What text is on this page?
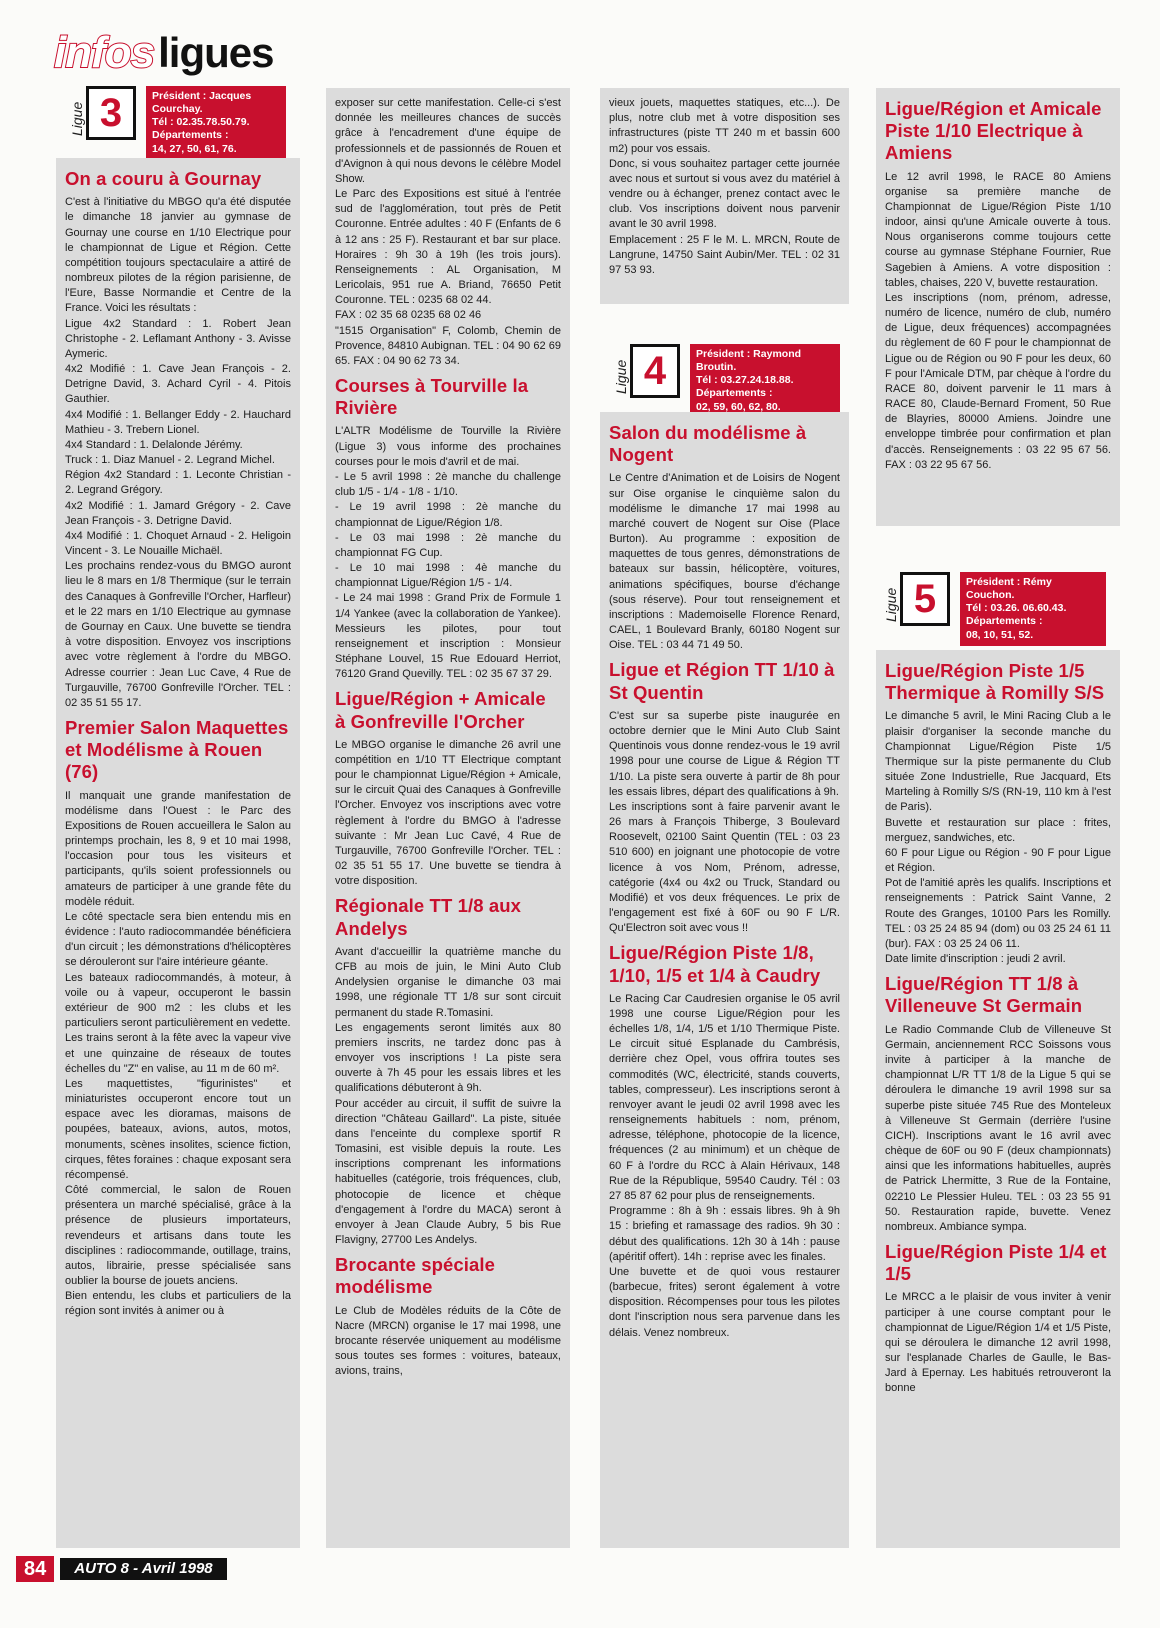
infos ligues
Ligue 3	Président : Jacques Courchay.
Tél : 02.35.78.50.79.
Départements :
14, 27, 50, 61, 76.
Ligue 4	Président : Raymond Broutin.
Tél : 03.27.24.18.88.
Départements :
02, 59, 60, 62, 80.
Ligue 5	Président : Rémy Couchon.
Tél : 03.26. 06.60.43.
Départements :
08, 10, 51, 52.
On a couru à Gournay

C'est à l'initiative du MBGO qu'a été disputée le dimanche 18 janvier au gymnase de Gournay une course en 1/10 Electrique pour le championnat de Ligue et Région. Cette compétition toujours spectaculaire a attiré de nombreux pilotes de la région parisienne, de l'Eure, Basse Normandie et Centre de la France. Voici les résultats :
Ligue 4x2 Standard : 1. Robert Jean Christophe - 2. Leflamant Anthony - 3. Avisse Aymeric.
4x2 Modifié : 1. Cave Jean François - 2. Detrigne David, 3. Achard Cyril - 4. Pitois Gauthier.
4x4 Modifié : 1. Bellanger Eddy - 2. Hauchard Mathieu - 3. Trebern Lionel.
4x4 Standard : 1. Delalonde Jérémy.
Truck : 1. Diaz Manuel - 2. Legrand Michel.
Région 4x2 Standard : 1. Leconte Christian - 2. Legrand Grégory.
4x2 Modifié : 1. Jamard Grégory - 2. Cave Jean François - 3. Detrigne David.
4x4 Modifié : 1. Choquet Arnaud - 2. Heligoin Vincent - 3. Le Nouaille Michaël.
Les prochains rendez-vous du BMGO auront lieu le 8 mars en 1/8 Thermique (sur le terrain des Canaques à Gonfreville l'Orcher, Harfleur) et le 22 mars en 1/10 Electrique au gymnase de Gournay en Caux. Une buvette se tiendra à votre disposition. Envoyez vos inscriptions avec votre règlement à l'ordre du MBGO. Adresse courrier : Jean Luc Cave, 4 Rue de Turgauville, 76700 Gonfreville l'Orcher. TEL : 02 35 51 55 17.

Premier Salon Maquettes et Modélisme à Rouen (76)

Il manquait une grande manifestation de modélisme dans l'Ouest : le Parc des Expositions de Rouen accueillera le Salon au printemps prochain, les 8, 9 et 10 mai 1998, l'occasion pour tous les visiteurs et participants, qu'ils soient professionnels ou amateurs de participer à une grande fête du modèle réduit.
Le côté spectacle sera bien entendu mis en évidence : l'auto radiocommandée bénéficiera d'un circuit ; les démonstrations d'hélicoptères se dérouleront sur l'aire intérieure géante.
Les bateaux radiocommandés, à moteur, à voile ou à vapeur, occuperont le bassin extérieur de 900 m2 : les clubs et les particuliers seront particulièrement en vedette.
Les trains seront à la fête avec la vapeur vive et une quinzaine de réseaux de toutes échelles du "Z" en valise, au 11 m de 60 m².
Les maquettistes, "figurinistes" et miniaturistes occuperont encore tout un espace avec les dioramas, maisons de poupées, bateaux, avions, autos, motos, monuments, scènes insolites, science fiction, cirques, fêtes foraines : chaque exposant sera récompensé.
Côté commercial, le salon de Rouen présentera un marché spécialisé, grâce à la présence de plusieurs importateurs, revendeurs et artisans dans toute les disciplines : radiocommande, outillage, trains, autos, librairie, presse spécialisée sans oublier la bourse de jouets anciens.
Bien entendu, les clubs et particuliers de la région sont invités à animer ou à

exposer sur cette manifestation. Celle-ci s'est donnée les meilleures chances de succès grâce à l'encadrement d'une équipe de professionnels et de passionnés de Rouen et d'Avignon à qui nous devons le célèbre Model Show.
Le Parc des Expositions est situé à l'entrée sud de l'agglomération, tout près de Petit Couronne. Entrée adultes : 40 F (Enfants de 6 à 12 ans : 25 F). Restaurant et bar sur place. Horaires : 9h 30 à 19h (les trois jours). Renseignements : AL Organisation, M Lericolais, 951 rue A. Briand, 76650 Petit Couronne. TEL : 0235 68 02 44.
FAX : 02 35 68 0235 68 02 46
"1515 Organisation" F, Colomb, Chemin de Provence, 84810 Aubignan. TEL : 04 90 62 69 65. FAX : 04 90 62 73 34.

Courses à Tourville la Rivière

L'ALTR Modélisme de Tourville la Rivière (Ligue 3) vous informe des prochaines courses pour le mois d'avril et de mai.
- Le 5 avril 1998 : 2è manche du challenge club 1/5 - 1/4 - 1/8 - 1/10.
- Le 19 avril 1998 : 2è manche du championnat de Ligue/Région 1/8.
- Le 03 mai 1998 : 2è manche du championnat FG Cup.
- Le 10 mai 1998 : 4è manche du championnat Ligue/Région 1/5 - 1/4.
- Le 24 mai 1998 : Grand Prix de Formule 1 1/4 Yankee (avec la collaboration de Yankee). Messieurs les pilotes, pour tout renseignement et inscription : Monsieur Stéphane Louvel, 15 Rue Edouard Herriot, 76120 Grand Quevilly. TEL : 02 35 67 37 29.

Ligue/Région + Amicale à Gonfreville l'Orcher

Le MBGO organise le dimanche 26 avril une compétition en 1/10 TT Electrique comptant pour le championnat Ligue/Région + Amicale, sur le circuit Quai des Canaques à Gonfreville l'Orcher. Envoyez vos inscriptions avec votre règlement à l'ordre du BMGO à l'adresse suivante : Mr Jean Luc Cavé, 4 Rue de Turgauville, 76700 Gonfreville l'Orcher. TEL : 02 35 51 55 17. Une buvette se tiendra à votre disposition.

Régionale TT 1/8 aux Andelys

Avant d'accueillir la quatrième manche du CFB au mois de juin, le Mini Auto Club Andelysien organise le dimanche 03 mai 1998, une régionale TT 1/8 sur sont circuit permanent du stade R.Tomasini.
Les engagements seront limités aux 80 premiers inscrits, ne tardez donc pas à envoyer vos inscriptions ! La piste sera ouverte à 7h 45 pour les essais libres et les qualifications débuteront à 9h.
Pour accéder au circuit, il suffit de suivre la direction "Château Gaillard". La piste, située dans l'enceinte du complexe sportif R Tomasini, est visible depuis la route. Les inscriptions comprenant les informations habituelles (catégorie, trois fréquences, club, photocopie de licence et chèque d'engagement à l'ordre du MACA) seront à envoyer à Jean Claude Aubry, 5 bis Rue Flavigny, 27700 Les Andelys.

Brocante spéciale modélisme

Le Club de Modèles réduits de la Côte de Nacre (MRCN) organise le 17 mai 1998, une brocante réservée uniquement au modélisme sous toutes ses formes : voitures, bateaux, avions, trains,

vieux jouets, maquettes statiques, etc...). De plus, notre club met à votre disposition ses infrastructures (piste TT 240 m et bassin 600 m2) pour vos essais.
Donc, si vous souhaitez partager cette journée avec nous et surtout si vous avez du matériel à vendre ou à échanger, prenez contact avec le club. Vos inscriptions doivent nous parvenir avant le 30 avril 1998.
Emplacement : 25 F le M. L. MRCN, Route de Langrune, 14750 Saint Aubin/Mer. TEL : 02 31 97 53 93.

Salon du modélisme à Nogent

Le Centre d'Animation et de Loisirs de Nogent sur Oise organise le cinquième salon du modélisme le dimanche 17 mai 1998 au marché couvert de Nogent sur Oise (Place Burton). Au programme : exposition de maquettes de tous genres, démonstrations de bateaux sur bassin, hélicoptère, voitures, animations spécifiques, bourse d'échange (sous réserve). Pour tout renseignement et inscriptions : Mademoiselle Florence Renard, CAEL, 1 Boulevard Branly, 60180 Nogent sur Oise. TEL : 03 44 71 49 50.

Ligue et Région TT 1/10 à St Quentin

C'est sur sa superbe piste inaugurée en octobre dernier que le Mini Auto Club Saint Quentinois vous donne rendez-vous le 19 avril 1998 pour une course de Ligue & Région TT 1/10. La piste sera ouverte à partir de 8h pour les essais libres, départ des qualifications à 9h.
Les inscriptions sont à faire parvenir avant le 26 mars à François Thiberge, 3 Boulevard Roosevelt, 02100 Saint Quentin (TEL : 03 23 510 600) en joignant une photocopie de votre licence à vos Nom, Prénom, adresse, catégorie (4x4 ou 4x2 ou Truck, Standard ou Modifié) et vos deux fréquences. Le prix de l'engagement est fixé à 60F ou 90 F L/R. Qu'Electron soit avec vous !!

Ligue/Région Piste 1/8, 1/10, 1/5 et 1/4 à Caudry

Le Racing Car Caudresien organise le 05 avril 1998 une course Ligue/Région pour les échelles 1/8, 1/4, 1/5 et 1/10 Thermique Piste. Le circuit situé Esplanade du Cambrésis, derrière chez Opel, vous offrira toutes ses commodités (WC, électricité, stands couverts, tables, compresseur). Les inscriptions seront à renvoyer avant le jeudi 02 avril 1998 avec les renseignements habituels : nom, prénom, adresse, téléphone, photocopie de la licence, fréquences (2 au minimum) et un chèque de 60 F à l'ordre du RCC à Alain Hérivaux, 148 Rue de la République, 59540 Caudry. Tél : 03 27 85 87 62 pour plus de renseignements.
Programme : 8h à 9h : essais libres. 9h à 9h 15 : briefing et ramassage des radios. 9h 30 : début des qualifications. 12h 30 à 14h : pause (apéritif offert). 14h : reprise avec les finales.
Une buvette et de quoi vous restaurer (barbecue, frites) seront également à votre disposition. Récompenses pour tous les pilotes dont l'inscription nous sera parvenue dans les délais. Venez nombreux.

Ligue/Région et Amicale Piste 1/10 Electrique à Amiens

Le 12 avril 1998, le RACE 80 Amiens organise sa première manche de Championnat de Ligue/Région Piste 1/10 indoor, ainsi qu'une Amicale ouverte à tous. Nous organiserons comme toujours cette course au gymnase Stéphane Fournier, Rue Sagebien à Amiens. A votre disposition : tables, chaises, 220 V, buvette restauration.
Les inscriptions (nom, prénom, adresse, numéro de licence, numéro de club, numéro de Ligue, deux fréquences) accompagnées du règlement de 60 F pour le championnat de Ligue ou de Région ou 90 F pour les deux, 60 F pour l'Amicale DTM, par chèque à l'ordre du RACE 80, doivent parvenir le 11 mars à RACE 80, Claude-Bernard Froment, 50 Rue de Blayries, 80000 Amiens. Joindre une enveloppe timbrée pour confirmation et plan d'accès. Renseignements : 03 22 95 67 56. FAX : 03 22 95 67 56.

Ligue/Région Piste 1/5 Thermique à Romilly S/S

Le dimanche 5 avril, le Mini Racing Club a le plaisir d'organiser la seconde manche du Championnat Ligue/Région Piste 1/5 Thermique sur la piste permanente du Club située Zone Industrielle, Rue Jacquard, Ets Marteling à Romilly S/S (RN-19, 110 km à l'est de Paris).
Buvette et restauration sur place : frites, merguez, sandwiches, etc.
60 F pour Ligue ou Région - 90 F pour Ligue et Région.
Pot de l'amitié après les qualifs. Inscriptions et renseignements : Patrick Saint Vanne, 2 Route des Granges, 10100 Pars les Romilly. TEL : 03 25 24 85 94 (dom) ou 03 25 24 61 11 (bur). FAX : 03 25 24 06 11.
Date limite d'inscription : jeudi 2 avril.

Ligue/Région TT 1/8 à Villeneuve St Germain

Le Radio Commande Club de Villeneuve St Germain, anciennement RCC Soissons vous invite à participer à la manche de championnat L/R TT 1/8 de la Ligue 5 qui se déroulera le dimanche 19 avril 1998 sur sa superbe piste située 745 Rue des Monteleux à Villeneuve St Germain (derrière l'usine CICH). Inscriptions avant le 16 avril avec chèque de 60F ou 90 F (deux championnats) ainsi que les informations habituelles, auprès de Patrick Lhermitte, 3 Rue de la Fontaine, 02210 Le Plessier Huleu. TEL : 03 23 55 91 50. Restauration rapide, buvette. Venez nombreux. Ambiance sympa.

Ligue/Région Piste 1/4 et 1/5

Le MRCC a le plaisir de vous inviter à venir participer à une course comptant pour le championnat de Ligue/Région 1/4 et 1/5 Piste, qui se déroulera le dimanche 12 avril 1998, sur l'esplanade Charles de Gaulle, le Bas-Jard à Epernay. Les habitués retrouveront la bonne

84	AUTO 8 - Avril 1998
